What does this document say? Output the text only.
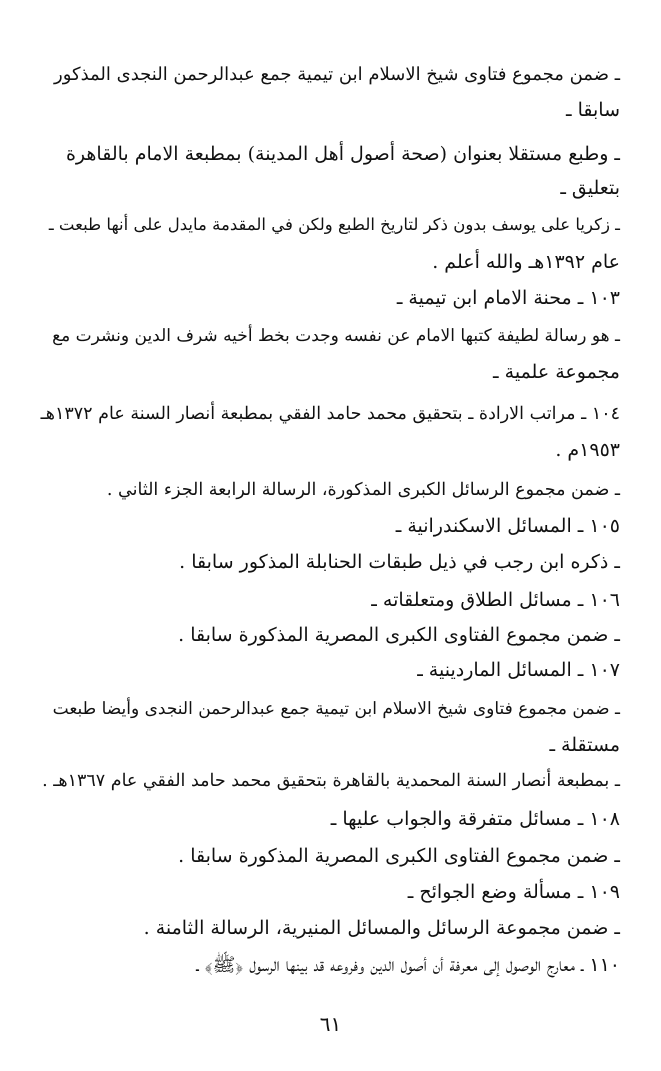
ـ ضمن مجموع فتاوى شيخ الاسلام ابن تيمية جمع عبدالرحمن النجدى المذكور
سابقا ـ
ـ وطبع مستقلا بعنوان (صحة أصول أهل المدينة) بمطبعة الامام بالقاهرة
بتعليق ـ
ـ زكريا على يوسف بدون ذكر لتاريخ الطبع ولكن في المقدمة مايدل على أنها طبعت ـ
عام ١٣٩٢هـ والله أعلم .
١٠٣ ـ محنة الامام ابن تيمية ـ
ـ هو رسالة لطيفة كتبها الامام عن نفسه وجدت بخط أخيه شرف الدين ونشرت مع
مجموعة علمية ـ
١٠٤ ـ مراتب الارادة ـ بتحقيق محمد حامد الفقي بمطبعة أنصار السنة عام ١٣٧٢هـ
١٩٥٣م .
ـ ضمن مجموع الرسائل الكبرى المذكورة، الرسالة الرابعة الجزء الثاني .
١٠٥ ـ المسائل الاسكندرانية ـ
ـ ذكره ابن رجب في ذيل طبقات الحنابلة المذكور سابقا .
١٠٦ ـ مسائل الطلاق ومتعلقاته ـ
ـ ضمن مجموع الفتاوى الكبرى المصرية المذكورة سابقا .
١٠٧ ـ المسائل الماردينية ـ
ـ ضمن مجموع فتاوى شيخ الاسلام ابن تيمية جمع عبدالرحمن النجدى وأيضا طبعت
مستقلة ـ
ـ بمطبعة أنصار السنة المحمدية بالقاهرة بتحقيق محمد حامد الفقي عام ١٣٦٧هـ .
١٠٨ ـ مسائل متفرقة والجواب عليها ـ
ـ ضمن مجموع الفتاوى الكبرى المصرية المذكورة سابقا .
١٠٩ ـ مسألة وضع الجوائح ـ
ـ ضمن مجموعة الرسائل والمسائل المنيرية، الرسالة الثامنة .
١١٠ ـ معارج الوصول إلى معرفة أن أصول الدين وفروعه قد بينها الرسول ﴿ﷺ﴾ ـ
٦١
